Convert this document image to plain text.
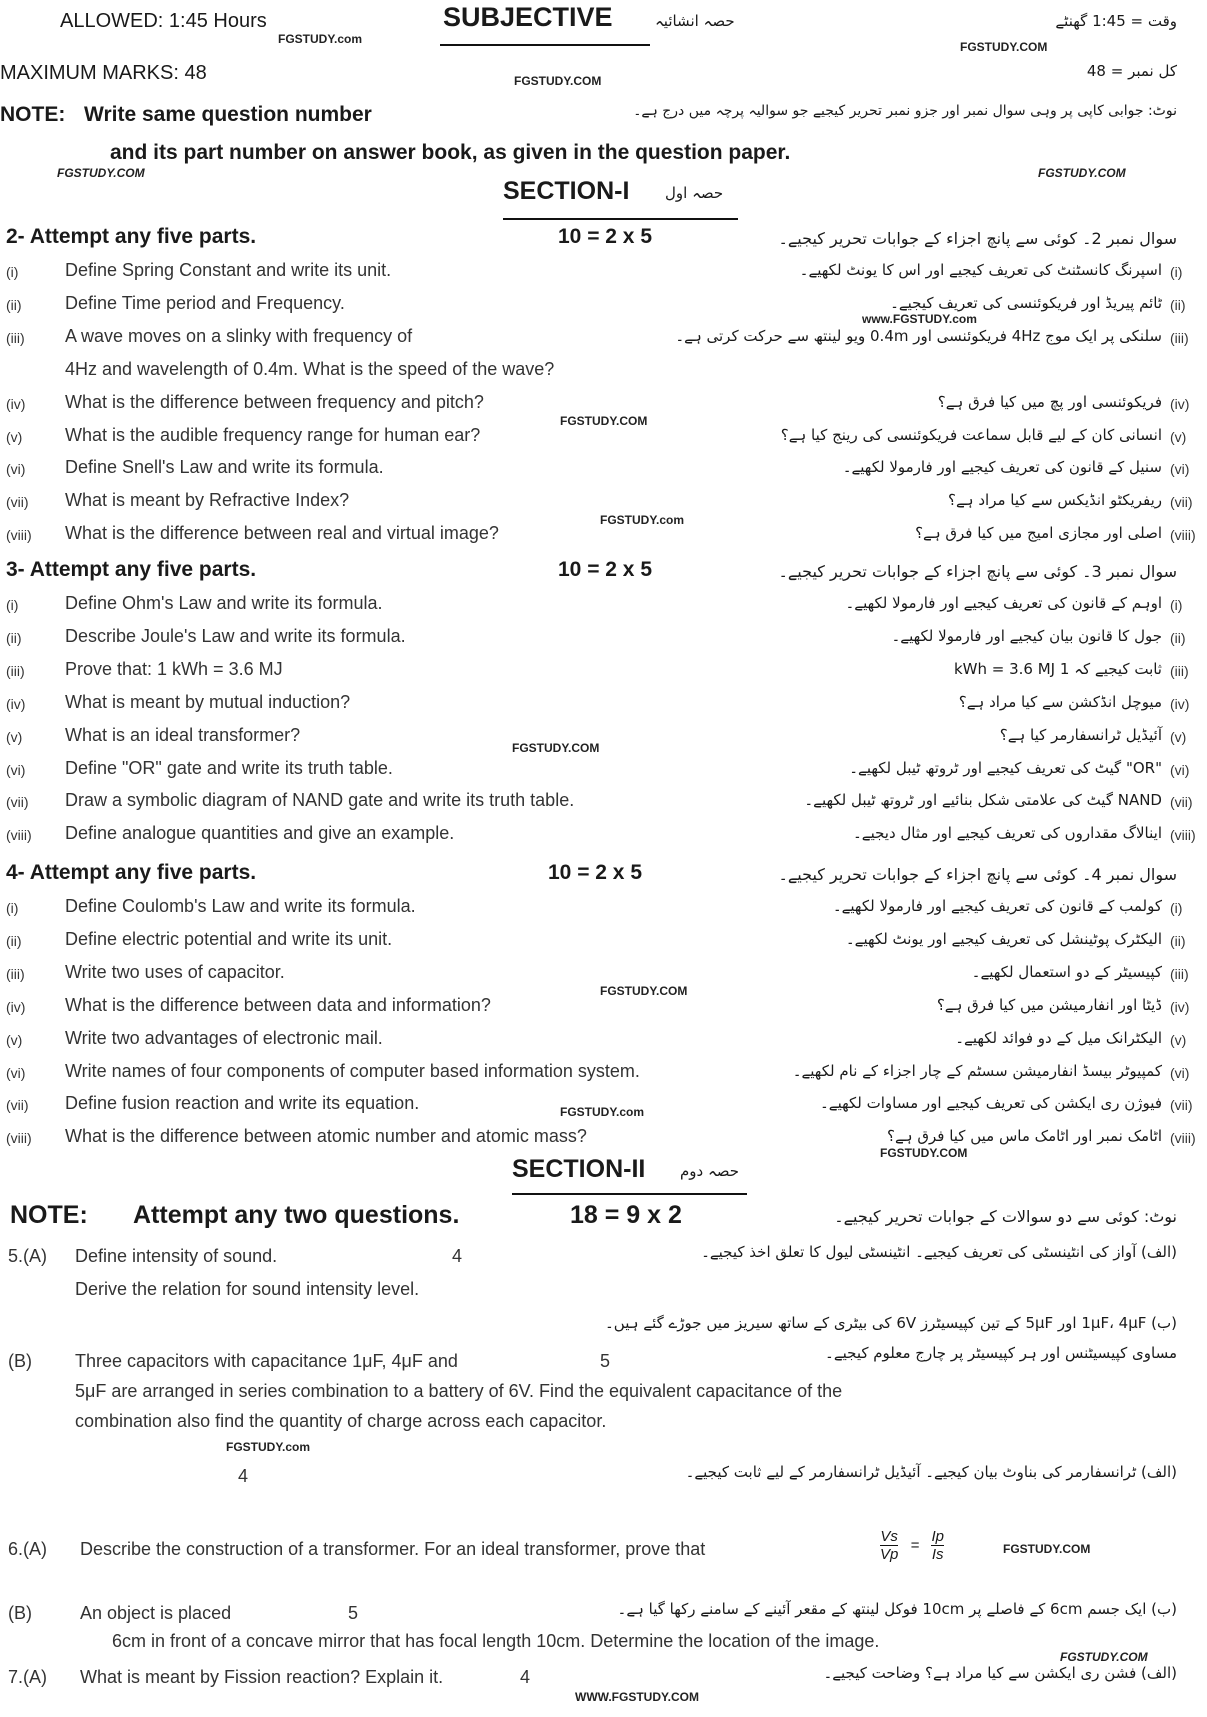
ALLOWED: 1:45 Hours	SUBJECTIVE	حصہ انشائیہ	وقت = 1:45 گھنٹے
MAXIMUM MARKS: 48	کل نمبر = 48
NOTE: Write same question number	نوٹ: جوابی کاپی پر وہی سوال نمبر اور جزو نمبر تحریر کیجیے جو سوالیہ پرچہ میں درج ہے۔
and its part number on answer book, as given in the question paper.
FGSTUDY.com
FGSTUDY.COM
FGSTUDY.COM
FGSTUDY.COM	FGSTUDY.COM
FGSTUDY.COM
FGSTUDY.com
FGSTUDY.COM
FGSTUDY.COM
FGSTUDY.com
FGSTUDY.com
FGSTUDY.COM
WWW.FGSTUDY.COM
FGSTUDY.COM
www.FGSTUDY.com
FGSTUDY.COM
SECTION-I حصہ اول
SECTION-II حصہ دوم
NOTE: Attempt any two questions.	18 = 9 x 2	نوٹ: کوئی سے دو سوالات کے جوابات تحریر کیجیے۔
$\frac{Vs}{Vp} = \frac{Ip}{Is}$
2- Attempt any five parts.	10 = 2 x 5	سوال نمبر 2۔ کوئی سے پانچ اجزاء کے جوابات تحریر کیجیے۔
(i)	Define Spring Constant and write its unit.	اسپرنگ کانسٹنٹ کی تعریف کیجیے اور اس کا یونٹ لکھیے۔ (i)
(ii) Define Time period and Frequency.	ٹائم پیریڈ اور فریکوئنسی کی تعریف کیجیے۔ (ii)
(iii) A wave moves on a slinky with frequency of	سلنکی پر ایک موج 4Hz فریکوئنسی اور 0.4m ویو لینتھ سے حرکت کرتی ہے۔ (iii)
4Hz and wavelength of 0.4m. What is the speed of the wave?
(iv) What is the difference between frequency and pitch?	فریکوئنسی اور پچ میں کیا فرق ہے؟ (iv)
(v) What is the audible frequency range for human ear?	انسانی کان کے لیے قابل سماعت فریکوئنسی کی رینج کیا ہے؟ (v)
(vi) Define Snell's Law and write its formula.	سنیل کے قانون کی تعریف کیجیے اور فارمولا لکھیے۔ (vi)
(vii) What is meant by Refractive Index?	ریفریکٹو انڈیکس سے کیا مراد ہے؟ (vii)
(viii) What is the difference between real and virtual image?	اصلی اور مجازی امیج میں کیا فرق ہے؟ (viii)
3- Attempt any five parts.	10 = 2 x 5	سوال نمبر 3۔ کوئی سے پانچ اجزاء کے جوابات تحریر کیجیے۔
(i)	Define Ohm's Law and write its formula.	اوہم کے قانون کی تعریف کیجیے اور فارمولا لکھیے۔ (i)
(ii) Describe Joule's Law and write its formula.	جول کا قانون بیان کیجیے اور فارمولا لکھیے۔ (ii)
(iii) Prove that: 1 kWh = 3.6 MJ	ثابت کیجیے کہ 1 kWh = 3.6 MJ (iii)
(iv) What is meant by mutual induction?	میوچل انڈکشن سے کیا مراد ہے؟ (iv)
(v) What is an ideal transformer?	آئیڈیل ٹرانسفارمر کیا ہے؟ (v)
(vi) Define "OR" gate and write its truth table.	"OR" گیٹ کی تعریف کیجیے اور ٹروتھ ٹیبل لکھیے۔ (vi)
(vii) Draw a symbolic diagram of NAND gate and write its truth table.	NAND گیٹ کی علامتی شکل بنائیے اور ٹروتھ ٹیبل لکھیے۔ (vii)
(viii) Define analogue quantities and give an example.	اینالاگ مقداروں کی تعریف کیجیے اور مثال دیجیے۔ (viii)
4- Attempt any five parts.	10 = 2 x 5	سوال نمبر 4۔ کوئی سے پانچ اجزاء کے جوابات تحریر کیجیے۔
(i)	Define Coulomb's Law and write its formula.	کولمب کے قانون کی تعریف کیجیے اور فارمولا لکھیے۔ (i)
(ii) Define electric potential and write its unit.	الیکٹرک پوٹینشل کی تعریف کیجیے اور یونٹ لکھیے۔ (ii)
(iii) Write two uses of capacitor.	کپیسیٹر کے دو استعمال لکھیے۔ (iii)
(iv) What is the difference between data and information?	ڈیٹا اور انفارمیشن میں کیا فرق ہے؟ (iv)
(v) Write two advantages of electronic mail.	الیکٹرانک میل کے دو فوائد لکھیے۔ (v)
(vi) Write names of four components of computer based information system.	کمپیوٹر بیسڈ انفارمیشن سسٹم کے چار اجزاء کے نام لکھیے۔ (vi)
(vii) Define fusion reaction and write its equation.	فیوژن ری ایکشن کی تعریف کیجیے اور مساوات لکھیے۔ (vii)
(viii) What is the difference between atomic number and atomic mass?	اٹامک نمبر اور اٹامک ماس میں کیا فرق ہے؟ (viii)
5.(A) Define intensity of sound.	4	(الف) آواز کی انٹینسٹی کی تعریف کیجیے۔ انٹینسٹی لیول کا تعلق اخذ کیجیے۔
Derive the relation for sound intensity level.
(ب) 1μF، 4μF اور 5μF کے تین کپیسیٹرز 6V کی بیٹری کے ساتھ سیریز میں جوڑے گئے ہیں۔
(B) Three capacitors with capacitance 1μF, 4μF and	5	مساوی کپیسیٹنس اور ہر کپیسیٹر پر چارج معلوم کیجیے۔
5μF are arranged in series combination to a battery of 6V. Find the equivalent capacitance of the
combination also find the quantity of charge across each capacitor.
4	(الف) ٹرانسفارمر کی بناوٹ بیان کیجیے۔ آئیڈیل ٹرانسفارمر کے لیے ثابت کیجیے۔
6.(A) Describe the construction of a transformer. For an ideal transformer, prove that
(B)	An object is placed	5	(ب) ایک جسم 6cm کے فاصلے پر 10cm فوکل لینتھ کے مقعر آئینے کے سامنے رکھا گیا ہے۔
6cm in front of a concave mirror that has focal length 10cm. Determine the location of the image.
7.(A) What is meant by Fission reaction? Explain it.	4	(الف) فشن ری ایکشن سے کیا مراد ہے؟ وضاحت کیجیے۔
